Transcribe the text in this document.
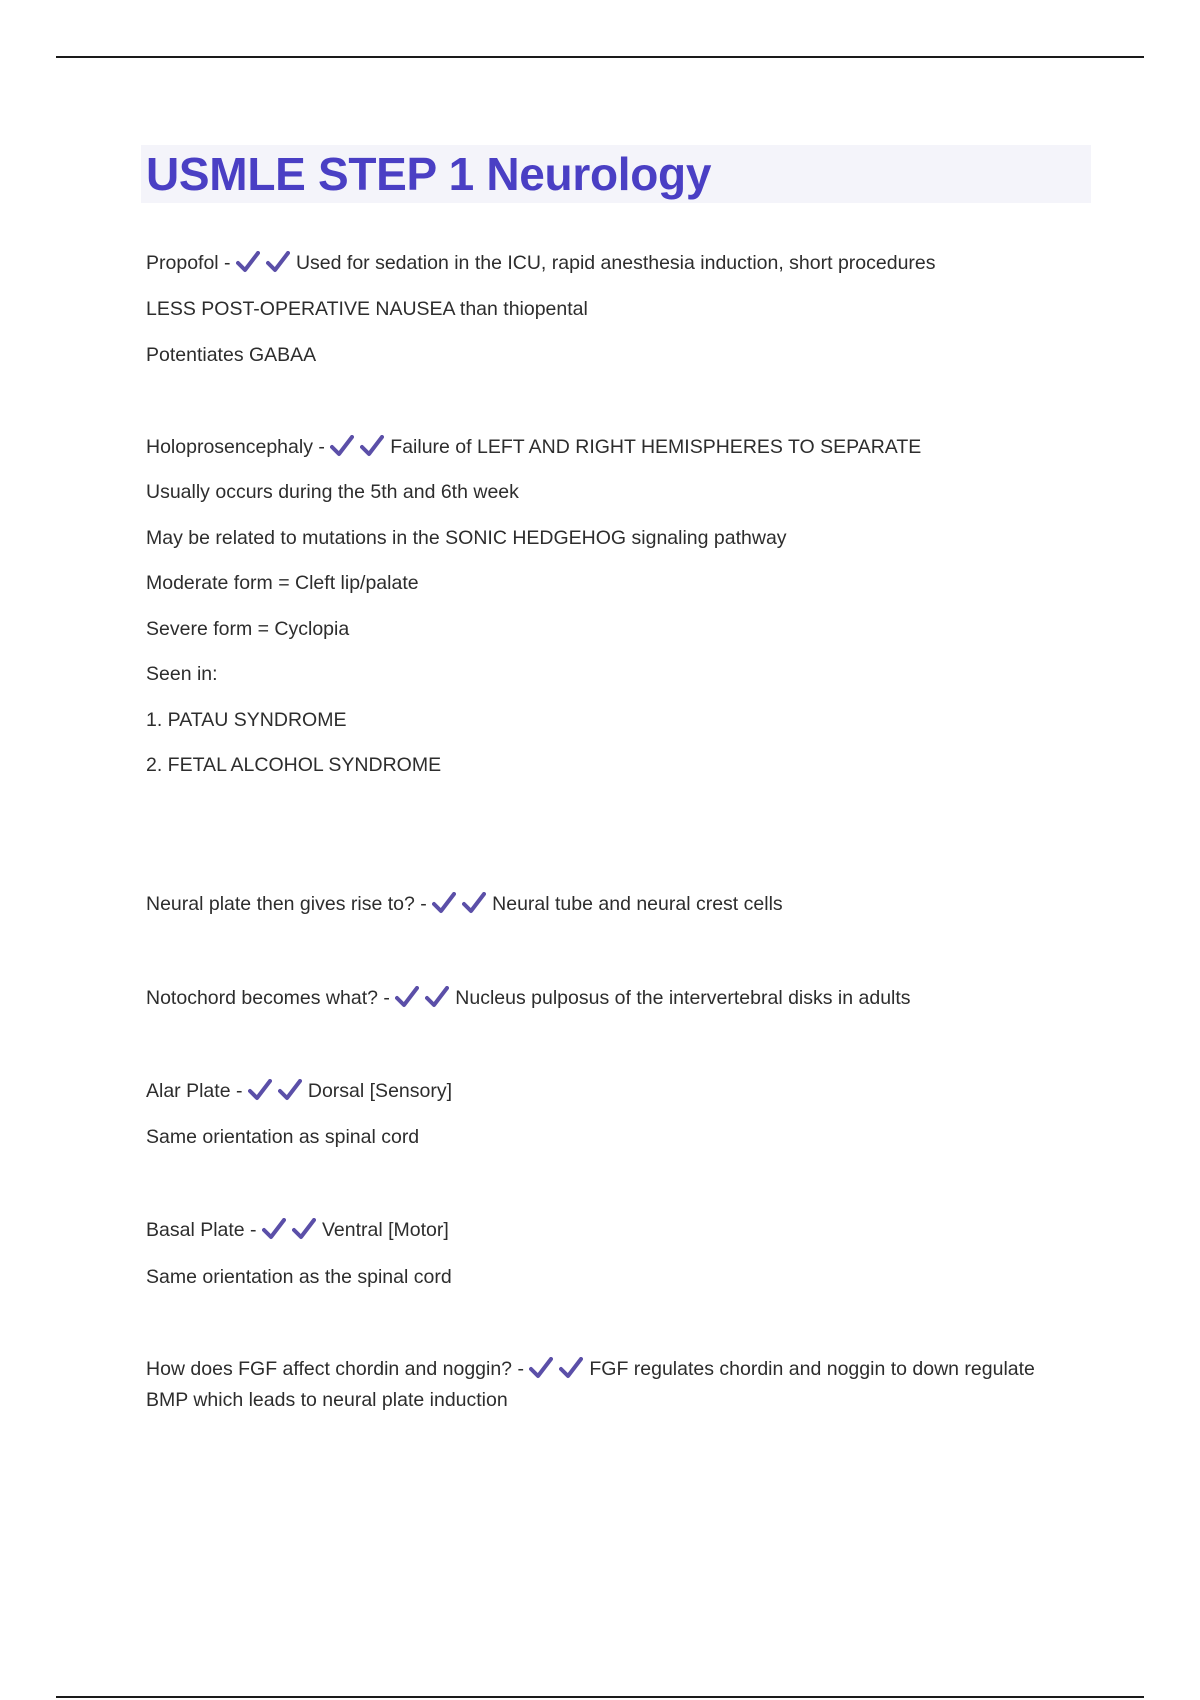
USMLE STEP 1 Neurology
Propofol -	Used for sedation in the ICU, rapid anesthesia induction, short procedures
LESS POST-OPERATIVE NAUSEA than thiopental
Potentiates GABAA
Holoprosencephaly -	Failure of LEFT AND RIGHT HEMISPHERES TO SEPARATE
Usually occurs during the 5th and 6th week
May be related to mutations in the SONIC HEDGEHOG signaling pathway
Moderate form = Cleft lip/palate
Severe form = Cyclopia
Seen in:
1. PATAU SYNDROME
2. FETAL ALCOHOL SYNDROME
Neural plate then gives rise to? -	Neural tube and neural crest cells
Notochord becomes what? -	Nucleus pulposus of the intervertebral disks in adults
Alar Plate -	Dorsal [Sensory]
Same orientation as spinal cord
Basal Plate -	Ventral [Motor]
Same orientation as the spinal cord
How does FGF affect chordin and noggin? -	FGF regulates chordin and noggin to down regulate BMP which leads to neural plate induction
